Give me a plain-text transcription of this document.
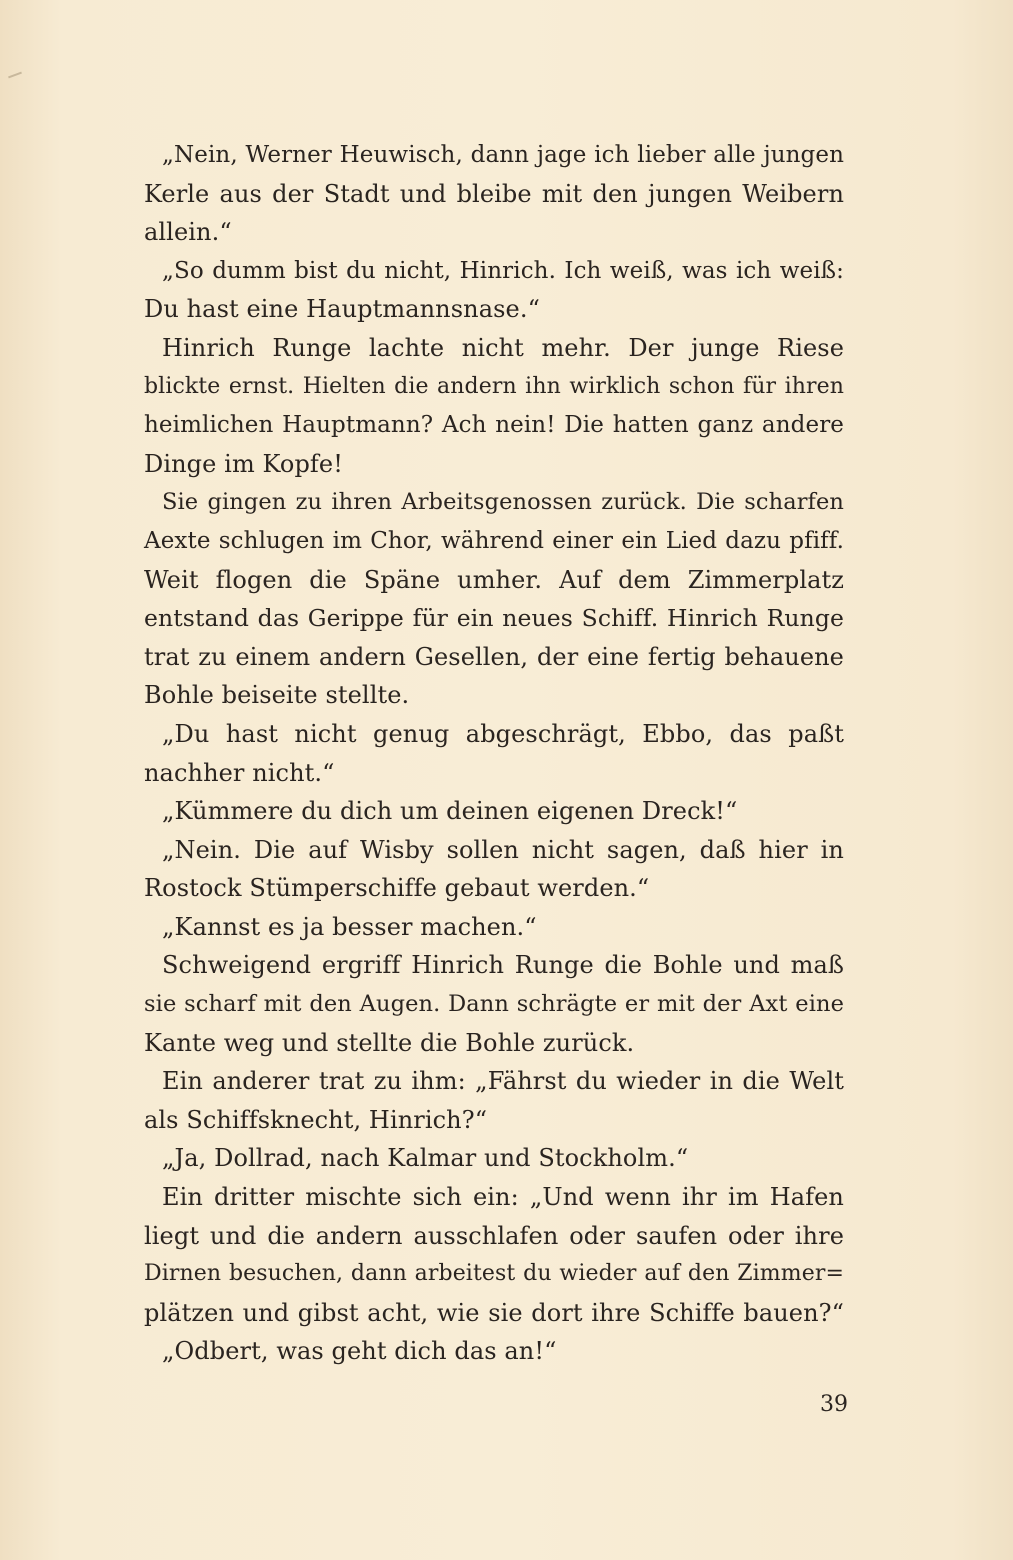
„Nein, Werner Heuwisch, dann jage ich lieber alle jungen
Kerle aus der Stadt und bleibe mit den jungen Weibern
allein.“
„So dumm bist du nicht, Hinrich. Ich weiß, was ich weiß:
Du hast eine Hauptmannsnase.“
Hinrich Runge lachte nicht mehr. Der junge Riese
blickte ernst. Hielten die andern ihn wirklich schon für ihren
heimlichen Hauptmann? Ach nein! Die hatten ganz andere
Dinge im Kopfe!
Sie gingen zu ihren Arbeitsgenossen zurück. Die scharfen
Aexte schlugen im Chor, während einer ein Lied dazu pfiff.
Weit flogen die Späne umher. Auf dem Zimmerplatz
entstand das Gerippe für ein neues Schiff. Hinrich Runge
trat zu einem andern Gesellen, der eine fertig behauene
Bohle beiseite stellte.
„Du hast nicht genug abgeschrägt, Ebbo, das paßt
nachher nicht.“
„Kümmere du dich um deinen eigenen Dreck!“
„Nein. Die auf Wisby sollen nicht sagen, daß hier in
Rostock Stümperschiffe gebaut werden.“
„Kannst es ja besser machen.“
Schweigend ergriff Hinrich Runge die Bohle und maß
sie scharf mit den Augen. Dann schrägte er mit der Axt eine
Kante weg und stellte die Bohle zurück.
Ein anderer trat zu ihm: „Fährst du wieder in die Welt
als Schiffsknecht, Hinrich?“
„Ja, Dollrad, nach Kalmar und Stockholm.“
Ein dritter mischte sich ein: „Und wenn ihr im Hafen
liegt und die andern ausschlafen oder saufen oder ihre
Dirnen besuchen, dann arbeitest du wieder auf den Zimmer=
plätzen und gibst acht, wie sie dort ihre Schiffe bauen?“
„Odbert, was geht dich das an!“
39
